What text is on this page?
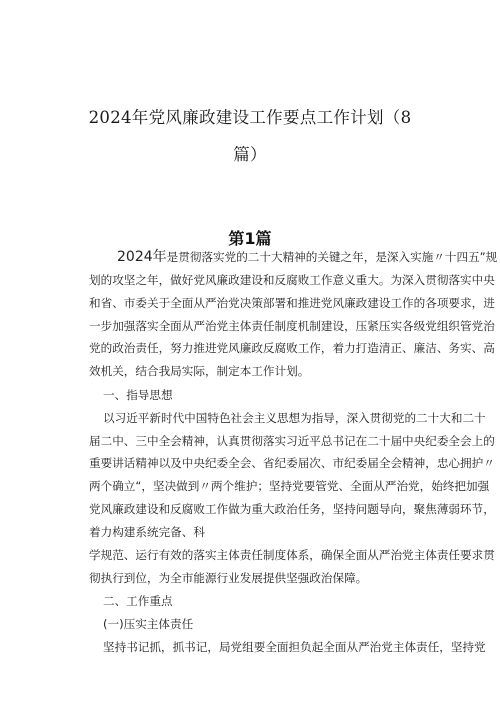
2024年党风廉政建设工作要点工作计划（8
篇）
第1篇
2024年是贯彻落实党的二十大精神的关键之年，是深入实施〃十四五”规
划的攻坚之年，做好党风廉政建设和反腐败工作意义重大。为深入贯彻落实中央
和省、市委关于全面从严治党决策部署和推进党风廉政建设工作的各项要求，进
一步加强落实全面从严治党主体责任制度机制建设，压紧压实各级党组织管党治
党的政治责任，努力推进党风廉政反腐败工作，着力打造清正、廉洁、务实、高
效机关，结合我局实际，制定本工作计划。
一、指导思想
以习近平新时代中国特色社会主义思想为指导，深入贯彻党的二十大和二十
届二中、三中全会精神，认真贯彻落实习近平总书记在二十届中央纪委全会上的
重要讲话精神以及中央纪委全会、省纪委届次、市纪委届全会精神，忠心拥护〃
两个确立“，坚决做到〃两个维护；坚持党要管党、全面从严治党，始终把加强
党风廉政建设和反腐败工作做为重大政治任务，坚持问题导向，聚焦薄弱环节，
着力构建系统完备、科
学规范、运行有效的落实主体责任制度体系，确保全面从严治党主体责任要求贯
彻执行到位，为全市能源行业发展提供坚强政治保障。
二、工作重点
(一)压实主体责任
坚持书记抓，抓书记，局党组要全面担负起全面从严治党主体责任，坚持党
